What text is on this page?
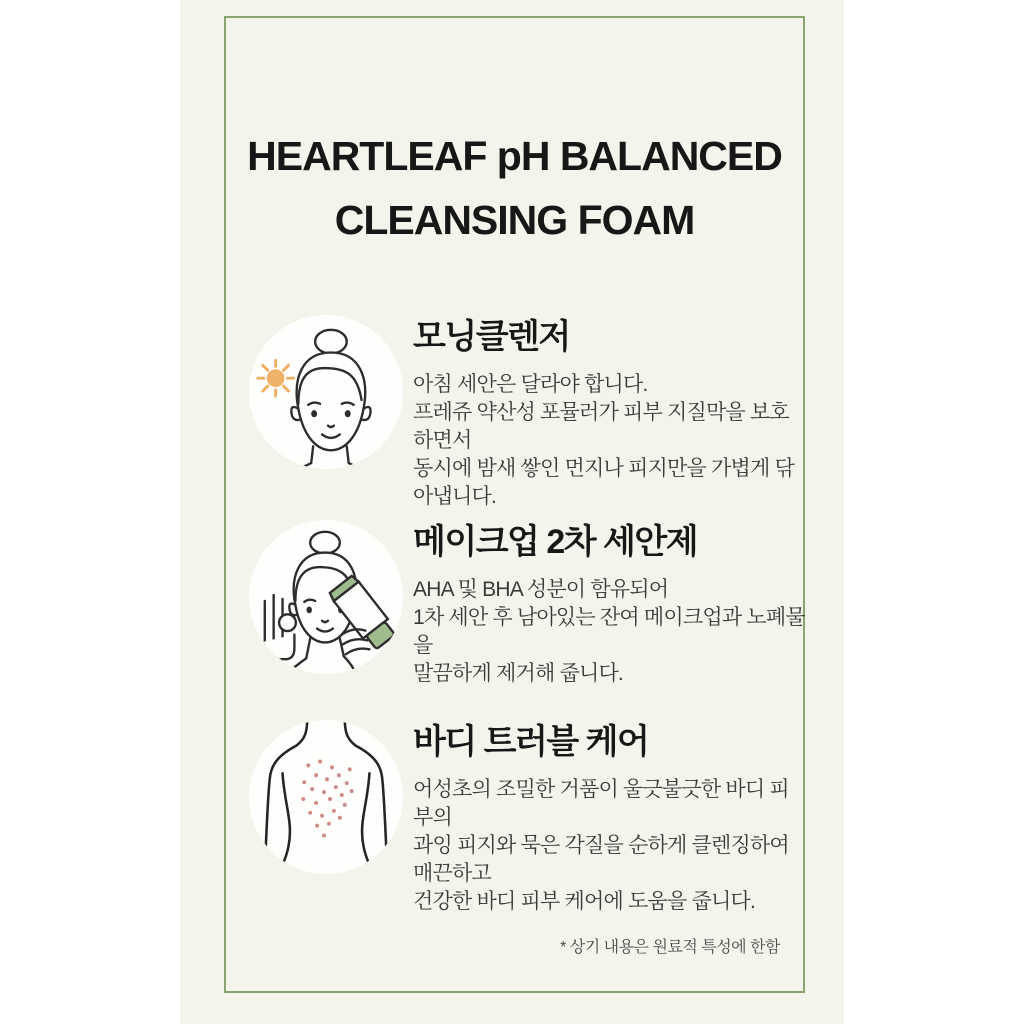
HEARTLEAF pH BALANCED
CLEANSING FOAM
모닝클렌저

아침 세안은 달라야 합니다.

프레쥬 약산성 포뮬러가 피부 지질막을 보호하면서

동시에 밤새 쌓인 먼지나 피지만을 가볍게 닦아냅니다.

메이크업 2차 세안제

AHA 및 BHA 성분이 함유되어

1차 세안 후 남아있는 잔여 메이크업과 노폐물을

말끔하게 제거해 줍니다.

바디 트러블 케어

어성초의 조밀한 거품이 울긋불긋한 바디 피부의

과잉 피지와 묵은 각질을 순하게 클렌징하여 매끈하고

건강한 바디 피부 케어에 도움을 줍니다.

* 상기 내용은 원료적 특성에 한함
